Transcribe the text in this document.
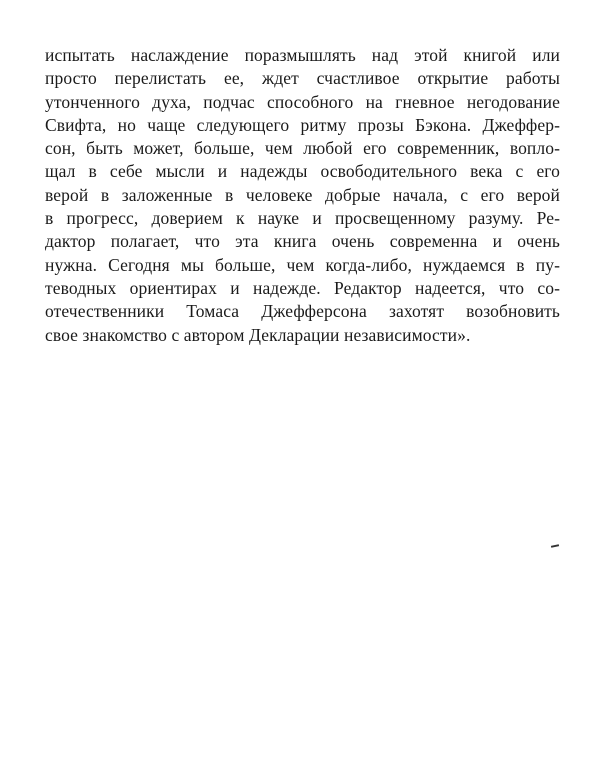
испытать наслаждение поразмышлять над этой книгой или
просто перелистать ее, ждет счастливое открытие работы
утонченного духа, подчас способного на гневное негодование
Свифта, но чаще следующего ритму прозы Бэкона. Джеффер-
сон, быть может, больше, чем любой его современник, вопло-
щал в себе мысли и надежды освободительного века с его
верой в заложенные в человеке добрые начала, с его верой
в прогресс, доверием к науке и просвещенному разуму. Ре-
дактор полагает, что эта книга очень современна и очень
нужна. Сегодня мы больше, чем когда-либо, нуждаемся в пу-
теводных ориентирах и надежде. Редактор надеется, что со-
отечественники Томаса Джефферсона захотят возобновить
свое знакомство с автором Декларации независимости».
